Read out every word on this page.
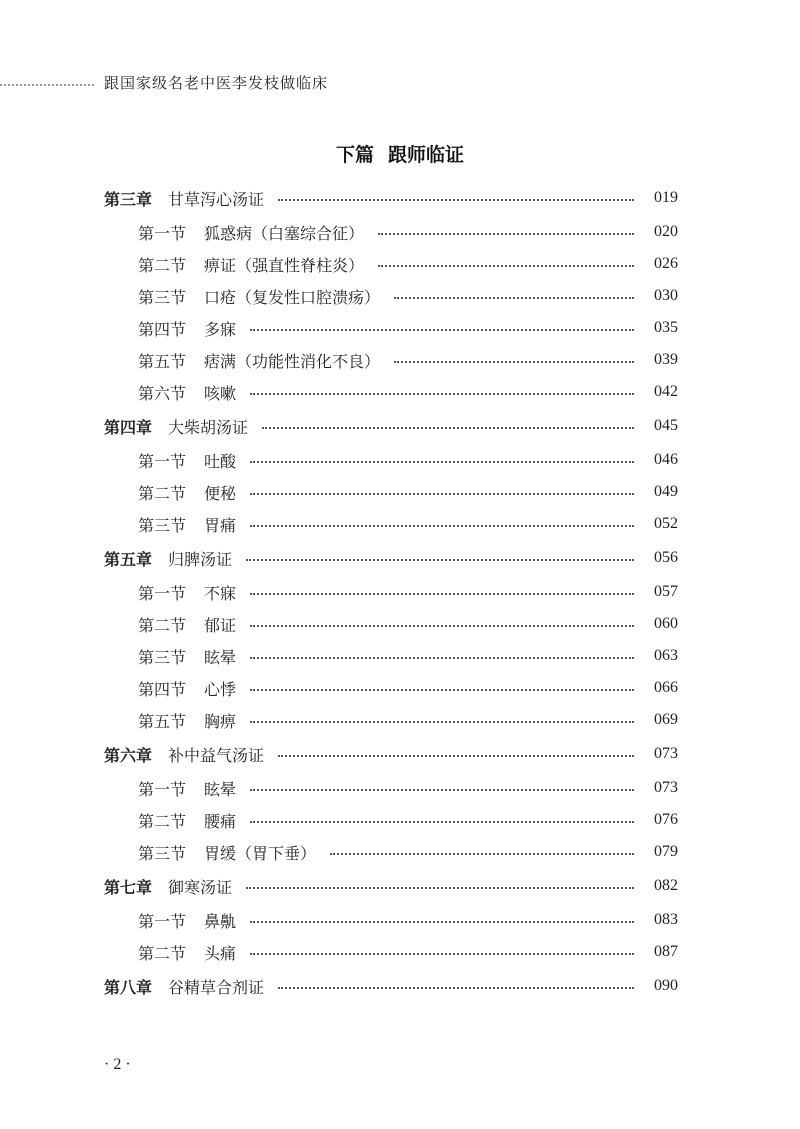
跟国家级名老中医李发枝做临床
下篇 跟师临证
第三章 甘草泻心汤证	019
第一节 狐惑病（白塞综合征）	020
第二节 痹证（强直性脊柱炎）	026
第三节 口疮（复发性口腔溃疡）	030
第四节 多寐	035
第五节 痞满（功能性消化不良）	039
第六节 咳嗽	042
第四章 大柴胡汤证	045
第一节 吐酸	046
第二节 便秘	049
第三节 胃痛	052
第五章 归脾汤证	056
第一节 不寐	057
第二节 郁证	060
第三节 眩晕	063
第四节 心悸	066
第五节 胸痹	069
第六章 补中益气汤证	073
第一节 眩晕	073
第二节 腰痛	076
第三节 胃缓（胃下垂）	079
第七章 御寒汤证	082
第一节 鼻鼽	083
第二节 头痛	087
第八章 谷精草合剂证	090
· 2 ·
